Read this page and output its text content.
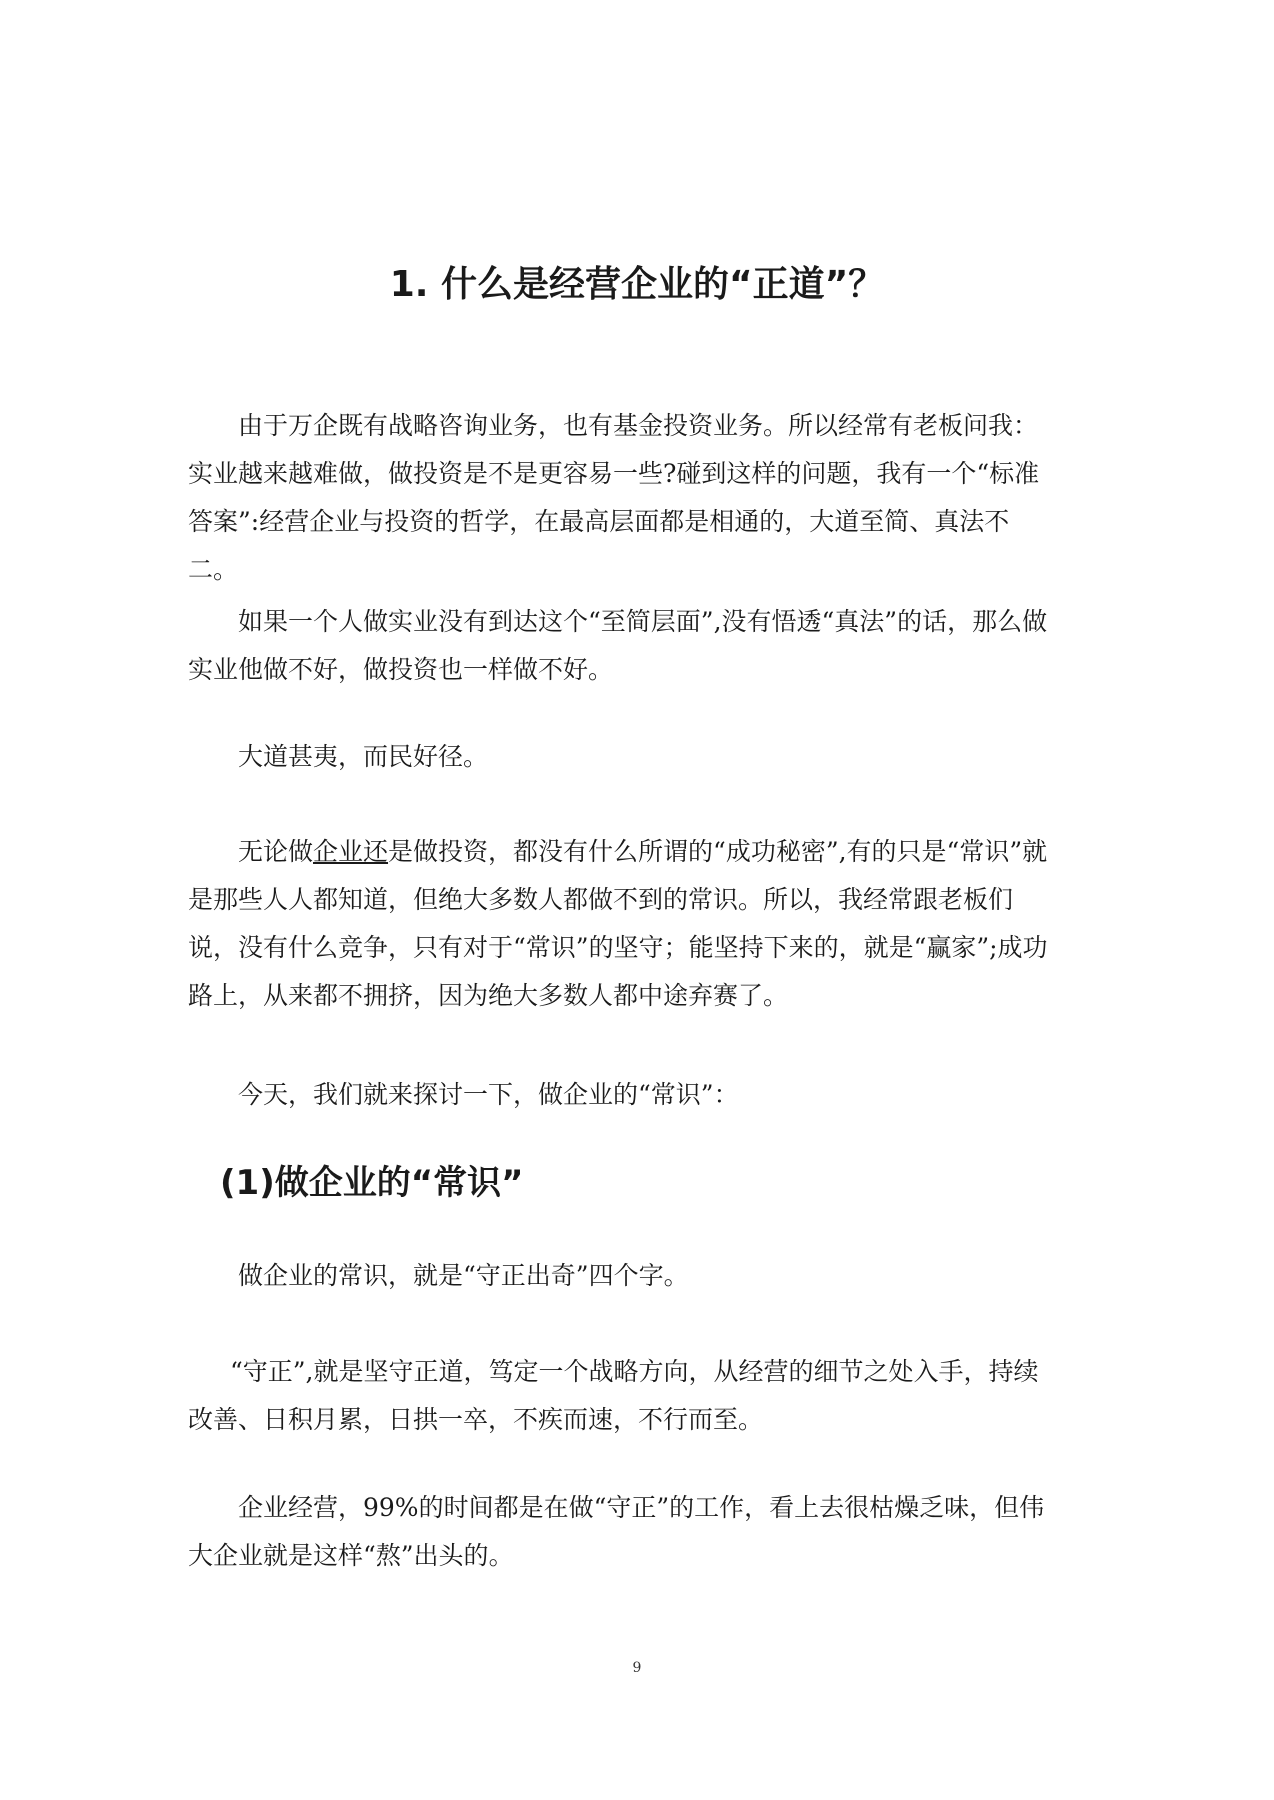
1. 什么是经营企业的“正道”？

由于万企既有战略咨询业务，也有基金投资业务。所以经常有老板问我：实业越来越难做，做投资是不是更容易一些?碰到这样的问题，我有一个“标准答案”:经营企业与投资的哲学，在最高层面都是相通的，大道至简、真法不二。

如果一个人做实业没有到达这个“至简层面”,没有悟透“真法”的话，那么做实业他做不好，做投资也一样做不好。

大道甚夷，而民好径。

无论做企业还是做投资，都没有什么所谓的“成功秘密”,有的只是“常识”就是那些人人都知道，但绝大多数人都做不到的常识。所以，我经常跟老板们说，没有什么竞争，只有对于“常识”的坚守；能坚持下来的，就是“赢家”;成功路上，从来都不拥挤，因为绝大多数人都中途弃赛了。

今天，我们就来探讨一下，做企业的“常识”：

(1)做企业的“常识”

做企业的常识，就是“守正出奇”四个字。

“守正”,就是坚守正道，笃定一个战略方向，从经营的细节之处入手，持续改善、日积月累，日拱一卒，不疾而速，不行而至。

企业经营，99%的时间都是在做“守正”的工作，看上去很枯燥乏味，但伟大企业就是这样“熬”出头的。

9
